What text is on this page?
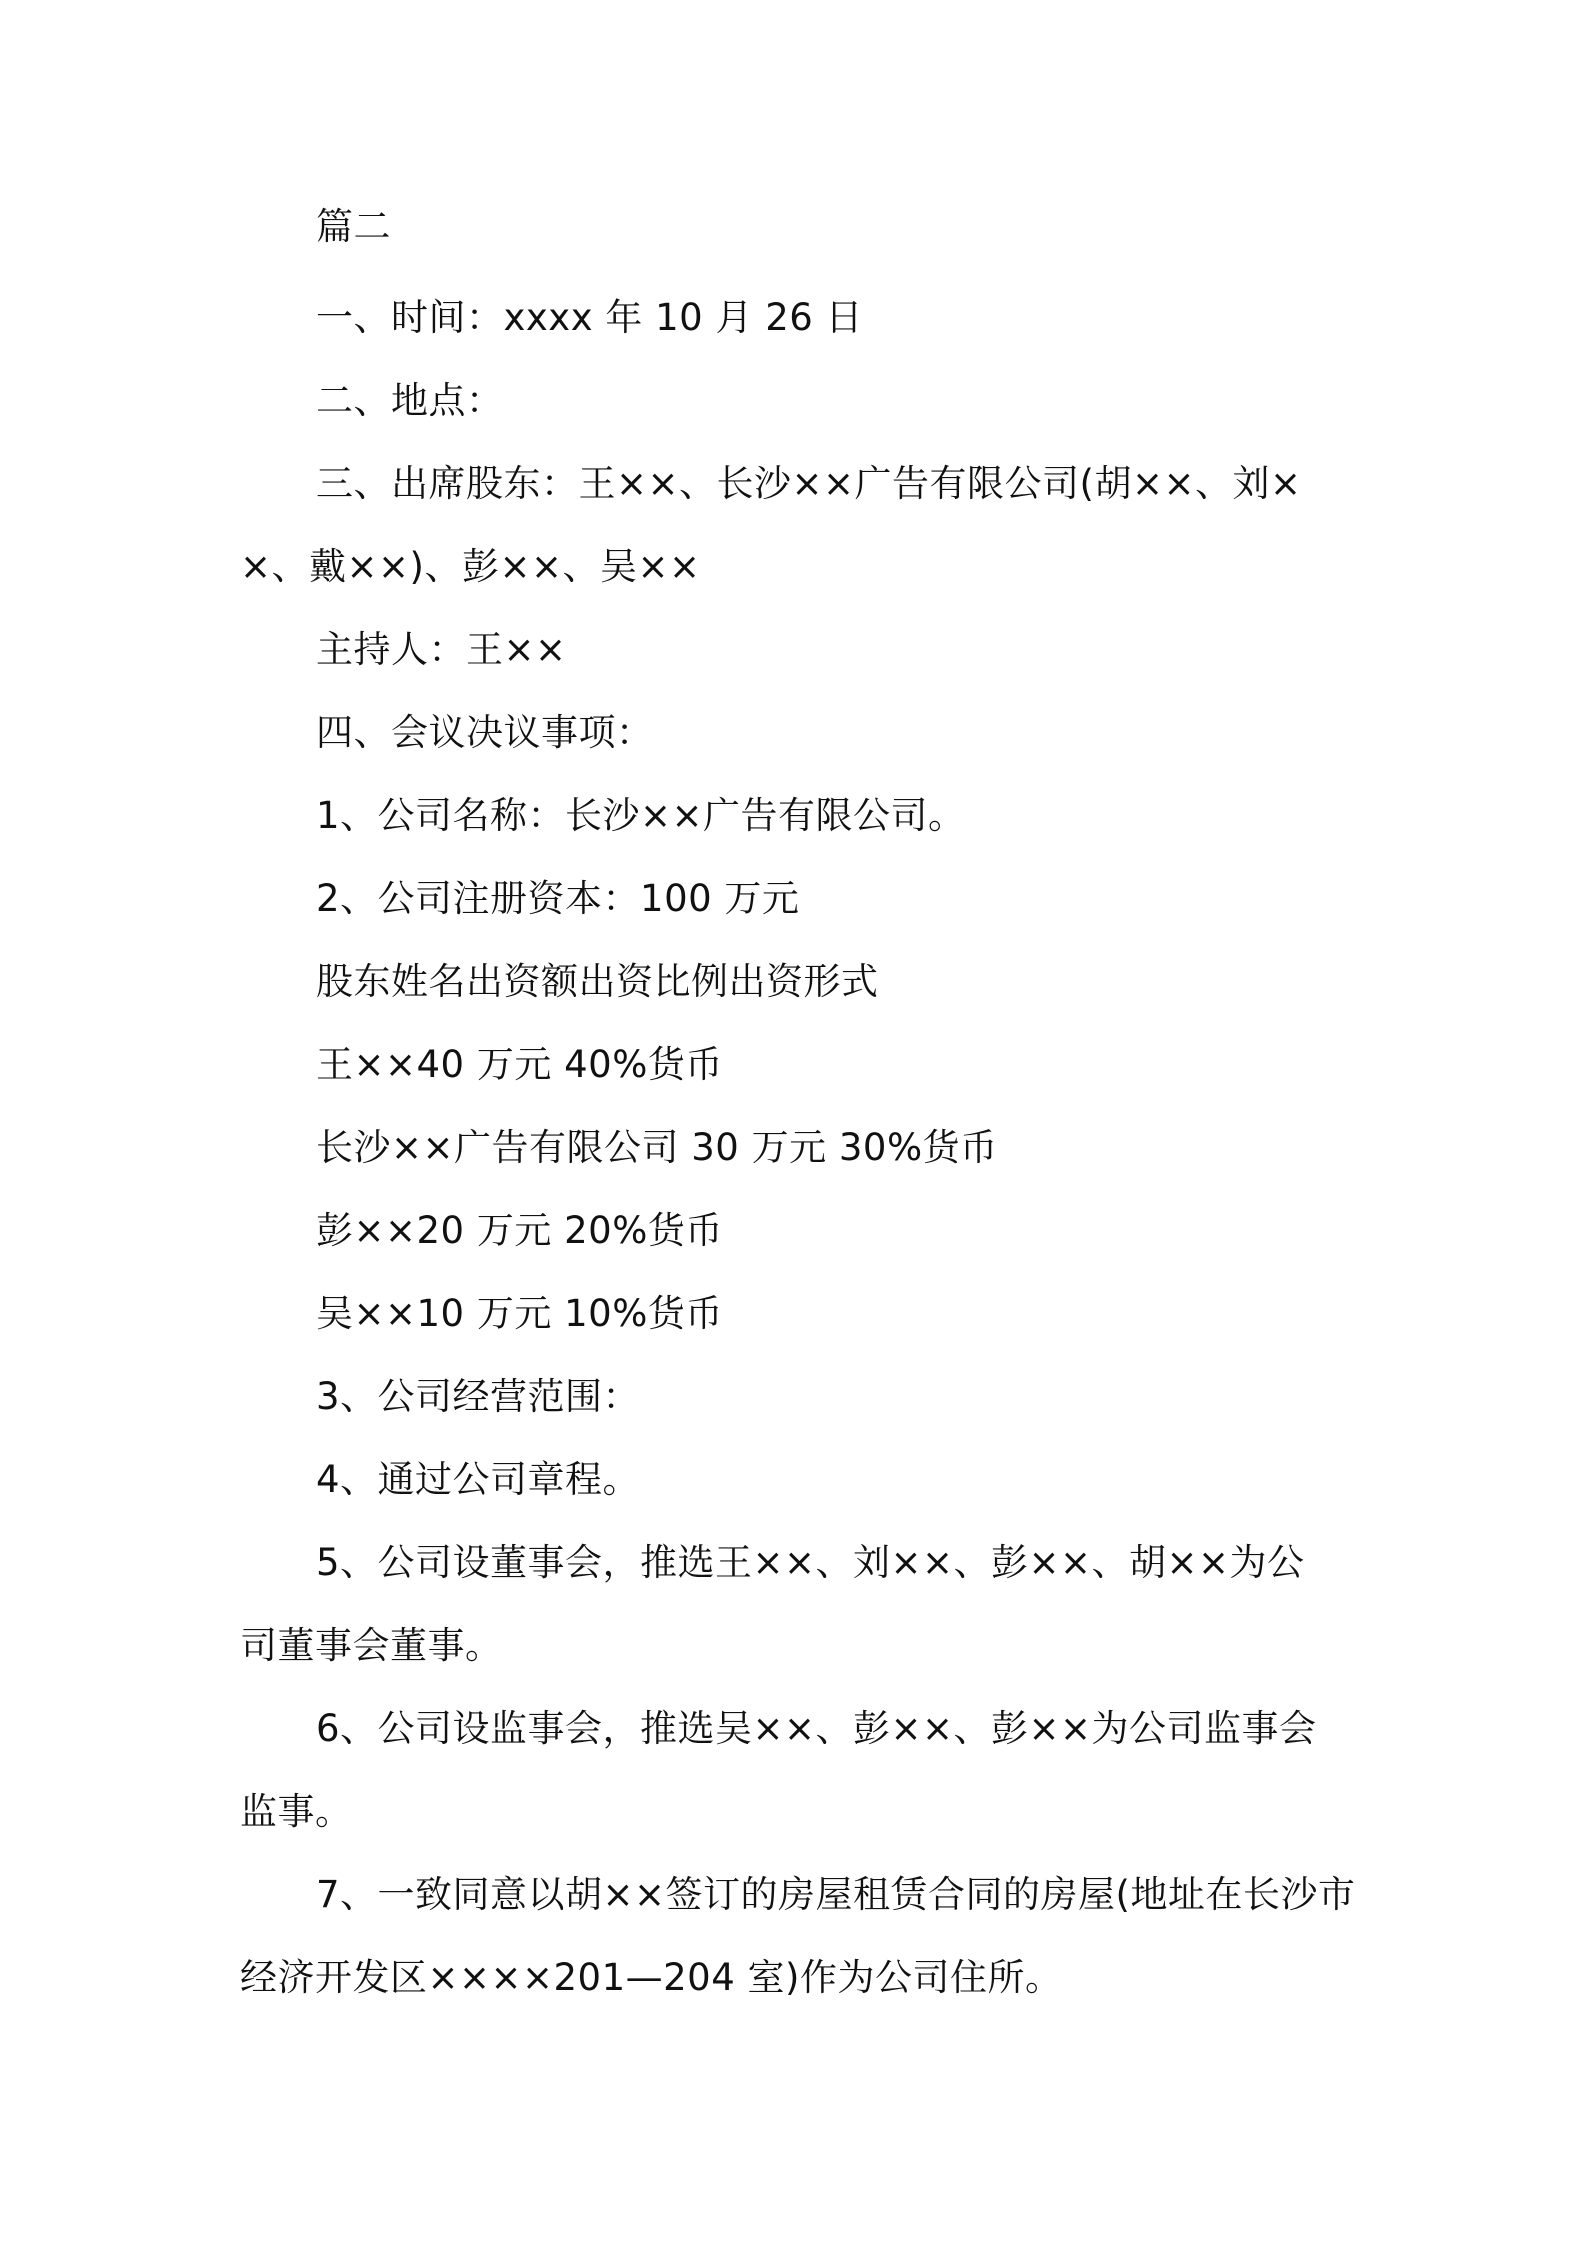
篇二
一、时间：xxxx 年 10 月 26 日
二、地点：
三、出席股东：王××、长沙××广告有限公司(胡××、刘×
×、戴××)、彭××、吴××
主持人：王××
四、会议决议事项：
1、公司名称：长沙××广告有限公司。
2、公司注册资本：100 万元
股东姓名出资额出资比例出资形式
王××40 万元 40%货币
长沙××广告有限公司 30 万元 30%货币
彭××20 万元 20%货币
吴××10 万元 10%货币
3、公司经营范围：
4、通过公司章程。
5、公司设董事会，推选王××、刘××、彭××、胡××为公
司董事会董事。
6、公司设监事会，推选吴××、彭××、彭××为公司监事会
监事。
7、一致同意以胡××签订的房屋租赁合同的房屋(地址在长沙市
经济开发区××××201—204 室)作为公司住所。
